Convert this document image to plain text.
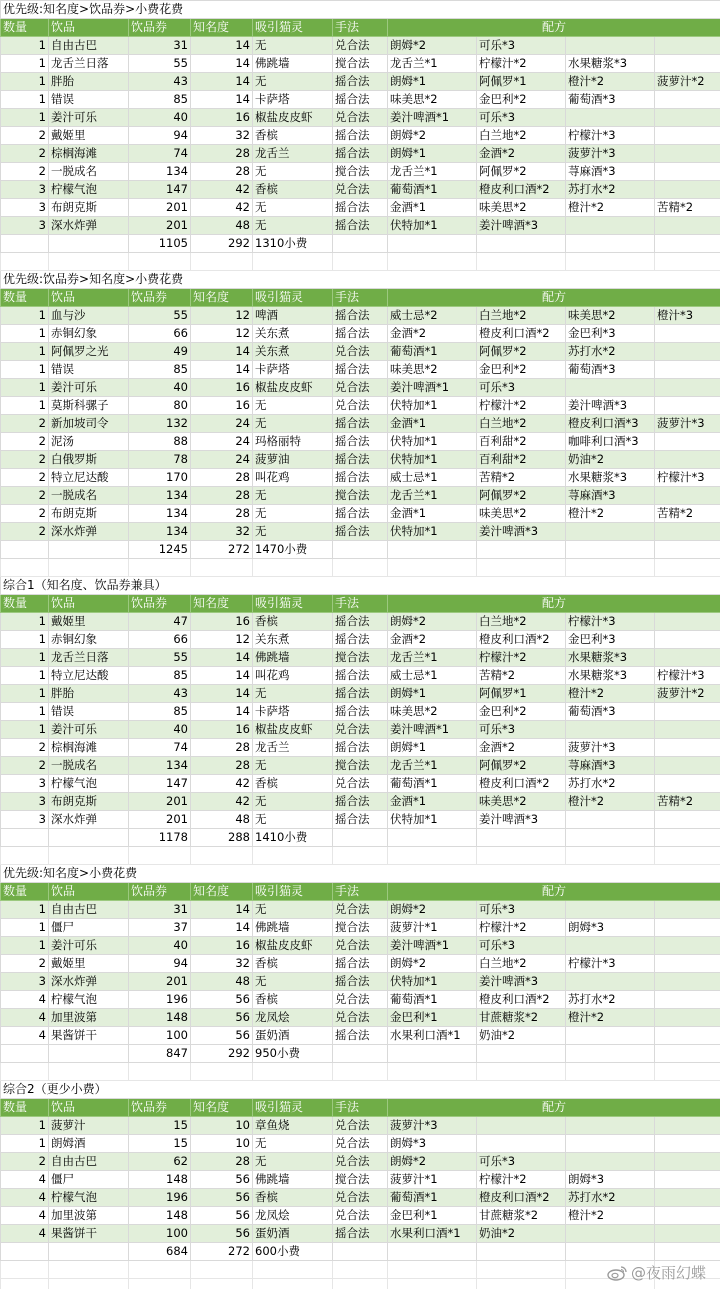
优先级:知名度>饮品券>小费花费									
数量	饮品	饮品券	知名度	吸引猫灵	手法	配方			
1	自由古巴	31	14	无	兑合法	朗姆*2	可乐*3		
1	龙舌兰日落	55	14	佛跳墙	搅合法	龙舌兰*1	柠檬汁*2	水果糖浆*3	
1	胖胎	43	14	无	摇合法	朗姆*1	阿佩罗*1	橙汁*2	菠萝汁*2
1	错误	85	14	卡萨塔	摇合法	味美思*2	金巴利*2	葡萄酒*3	
1	姜汁可乐	40	16	椒盐皮皮虾	兑合法	姜汁啤酒*1	可乐*3		
2	戴姬里	94	32	香槟	摇合法	朗姆*2	白兰地*2	柠檬汁*3	
2	棕榈海滩	74	28	龙舌兰	摇合法	朗姆*1	金酒*2	菠萝汁*3	
2	一脱成名	134	28	无	搅合法	龙舌兰*1	阿佩罗*2	荨麻酒*3	
3	柠檬气泡	147	42	香槟	兑合法	葡萄酒*1	橙皮利口酒*2	苏打水*2	
3	布朗克斯	201	42	无	摇合法	金酒*1	味美思*2	橙汁*2	苦精*2
3	深水炸弹	201	48	无	摇合法	伏特加*1	姜汁啤酒*3		
		1105	292	1310小费					

优先级:饮品券>知名度>小费花费									
数量	饮品	饮品券	知名度	吸引猫灵	手法	配方			
1	血与沙	55	12	啤酒	摇合法	威士忌*2	白兰地*2	味美思*2	橙汁*3
1	赤铜幻象	66	12	关东煮	摇合法	金酒*2	橙皮利口酒*2	金巴利*3	
1	阿佩罗之光	49	14	关东煮	兑合法	葡萄酒*1	阿佩罗*2	苏打水*2	
1	错误	85	14	卡萨塔	摇合法	味美思*2	金巴利*2	葡萄酒*3	
1	姜汁可乐	40	16	椒盐皮皮虾	兑合法	姜汁啤酒*1	可乐*3		
1	莫斯科骡子	80	16	无	兑合法	伏特加*1	柠檬汁*2	姜汁啤酒*3	
2	新加坡司令	132	24	无	摇合法	金酒*1	白兰地*2	橙皮利口酒*3	菠萝汁*3
2	泥汤	88	24	玛格丽特	摇合法	伏特加*1	百利甜*2	咖啡利口酒*3	
2	白俄罗斯	78	24	菠萝油	摇合法	伏特加*1	百利甜*2	奶油*2	
2	特立尼达酸	170	28	叫花鸡	摇合法	威士忌*1	苦精*2	水果糖浆*3	柠檬汁*3
2	一脱成名	134	28	无	搅合法	龙舌兰*1	阿佩罗*2	荨麻酒*3	
2	布朗克斯	134	28	无	摇合法	金酒*1	味美思*2	橙汁*2	苦精*2
2	深水炸弹	134	32	无	摇合法	伏特加*1	姜汁啤酒*3		
		1245	272	1470小费					

综合1（知名度、饮品券兼具）									
数量	饮品	饮品券	知名度	吸引猫灵	手法	配方			
1	戴姬里	47	16	香槟	摇合法	朗姆*2	白兰地*2	柠檬汁*3	
1	赤铜幻象	66	12	关东煮	摇合法	金酒*2	橙皮利口酒*2	金巴利*3	
1	龙舌兰日落	55	14	佛跳墙	搅合法	龙舌兰*1	柠檬汁*2	水果糖浆*3	
1	特立尼达酸	85	14	叫花鸡	摇合法	威士忌*1	苦精*2	水果糖浆*3	柠檬汁*3
1	胖胎	43	14	无	摇合法	朗姆*1	阿佩罗*1	橙汁*2	菠萝汁*2
1	错误	85	14	卡萨塔	摇合法	味美思*2	金巴利*2	葡萄酒*3	
1	姜汁可乐	40	16	椒盐皮皮虾	兑合法	姜汁啤酒*1	可乐*3		
2	棕榈海滩	74	28	龙舌兰	摇合法	朗姆*1	金酒*2	菠萝汁*3	
2	一脱成名	134	28	无	搅合法	龙舌兰*1	阿佩罗*2	荨麻酒*3	
3	柠檬气泡	147	42	香槟	兑合法	葡萄酒*1	橙皮利口酒*2	苏打水*2	
3	布朗克斯	201	42	无	摇合法	金酒*1	味美思*2	橙汁*2	苦精*2
3	深水炸弹	201	48	无	摇合法	伏特加*1	姜汁啤酒*3		
		1178	288	1410小费					

优先级:知名度>小费花费									
数量	饮品	饮品券	知名度	吸引猫灵	手法	配方			
1	自由古巴	31	14	无	兑合法	朗姆*2	可乐*3		
1	僵尸	37	14	佛跳墙	搅合法	菠萝汁*1	柠檬汁*2	朗姆*3	
1	姜汁可乐	40	16	椒盐皮皮虾	兑合法	姜汁啤酒*1	可乐*3		
2	戴姬里	94	32	香槟	摇合法	朗姆*2	白兰地*2	柠檬汁*3	
3	深水炸弹	201	48	无	摇合法	伏特加*1	姜汁啤酒*3		
4	柠檬气泡	196	56	香槟	兑合法	葡萄酒*1	橙皮利口酒*2	苏打水*2	
4	加里波第	148	56	龙凤烩	兑合法	金巴利*1	甘蔗糖浆*2	橙汁*2	
4	果酱饼干	100	56	蛋奶酒	摇合法	水果利口酒*1	奶油*2		
		847	292	950小费					

综合2（更少小费）									
数量	饮品	饮品券	知名度	吸引猫灵	手法	配方			
1	菠萝汁	15	10	章鱼烧	兑合法	菠萝汁*3			
1	朗姆酒	15	10	无	兑合法	朗姆*3			
2	自由古巴	62	28	无	兑合法	朗姆*2	可乐*3		
4	僵尸	148	56	佛跳墙	搅合法	菠萝汁*1	柠檬汁*2	朗姆*3	
4	柠檬气泡	196	56	香槟	兑合法	葡萄酒*1	橙皮利口酒*2	苏打水*2	
4	加里波第	148	56	龙凤烩	兑合法	金巴利*1	甘蔗糖浆*2	橙汁*2	
4	果酱饼干	100	56	蛋奶酒	摇合法	水果利口酒*1	奶油*2		
		684	272	600小费					

@夜雨幻蝶
